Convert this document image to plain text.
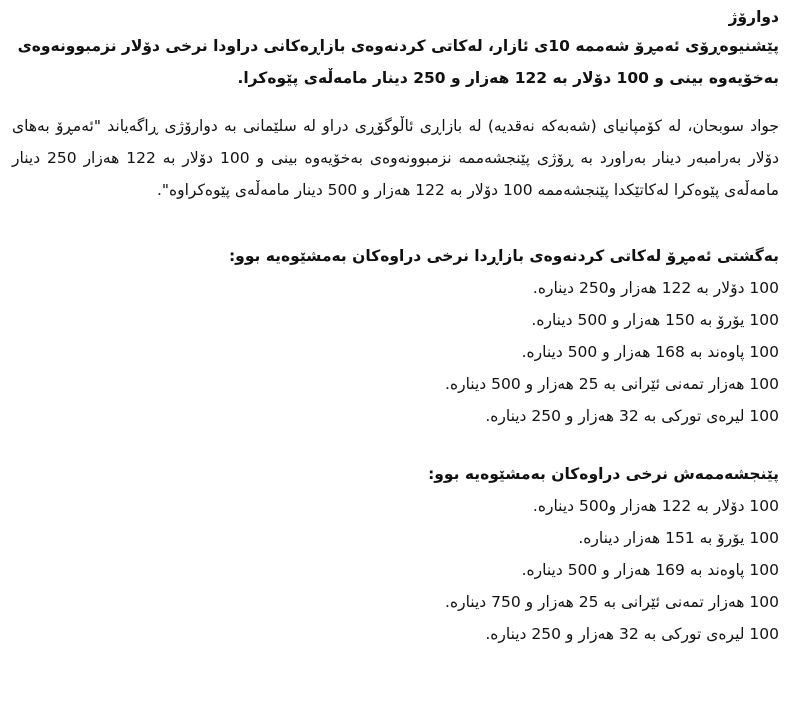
دوارۆژ

پێشنیوەڕۆی ئەمڕۆ شەممە 10ی ئازار، لەکاتی کردنەوەی بازاڕەکانی دراودا نرخی دۆلار نزمبوونەوەی بەخۆیەوە بینی و 100 دۆلار بە 122 هەزار و 250 دینار مامەڵەی پێوەکرا.

جواد سوبحان، لە کۆمپانیای (شەبەکە نەقدیە) لە بازاڕی ئاڵوگۆڕی دراو لە سلێمانی بە دوارۆژی ڕاگەیاند "ئەمڕۆ بەهای دۆلار بەرامبەر دینار بەراورد بە ڕۆژی پێنجشەممە نزمبوونەوەی بەخۆیەوە بینی و 100 دۆلار بە 122 هەزار 250 دینار مامەڵەی پێوەکرا لەکاتێکدا پێنجشەممە 100 دۆلار بە 122 هەزار و 500 دینار مامەڵەی پێوەکراوە".

بەگشتی ئەمڕۆ لەکاتی کردنەوەی بازاڕدا نرخی دراوەکان بەمشێوەیە بوو:

100 دۆلار بە 122 هەزار و250 دینارە.
100 یۆرۆ بە 150 هەزار و 500 دینارە.
100 پاوەند بە 168 هەزار و 500 دینارە.
100 هەزار تمەنی ئێرانی بە 25 هەزار و 500 دینارە.
100 لیرەی تورکی بە 32 هەزار و 250 دینارە.

پێنجشەممەش نرخی دراوەکان بەمشێوەیە بوو:

100 دۆلار بە 122 هەزار و500 دینارە.
100 یۆرۆ بە 151 هەزار دینارە.
100 پاوەند بە 169 هەزار و 500 دینارە.
100 هەزار تمەنی ئێرانی بە 25 هەزار و 750 دینارە.
100 لیرەی تورکی بە 32 هەزار و 250 دینارە.
